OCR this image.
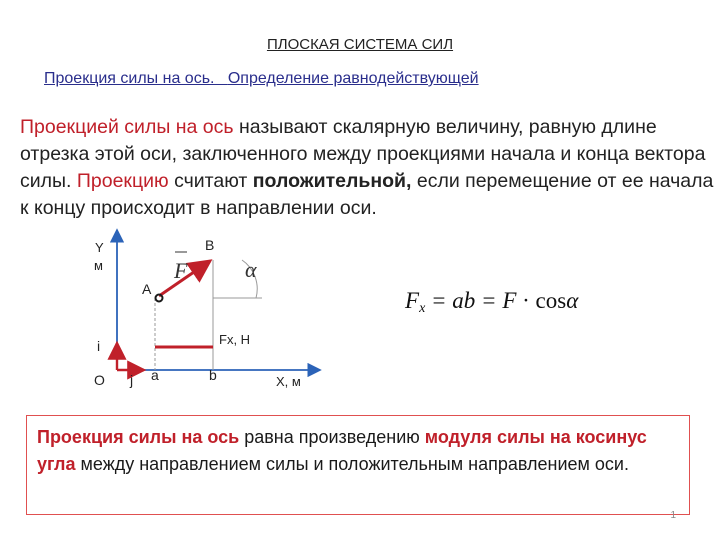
ПЛОСКАЯ СИСТЕМА СИЛ
Проекция силы на ось. Определение равнодействующей
Проекцией силы на ось называют скалярную величину, равную длине отрезка этой оси, заключенного между проекциями начала и конца вектора силы. Проекцию считают положительной, если перемещение от ее начала к концу происходит в направлении оси.
Y
м
O
i
j
A
B
a	b	X, м
F	α
Fx, H
$F_x$ = ab = F · cosα
Проекция силы на ось равна произведению модуля силы на косинус угла между направлением силы и положительным направлением оси.
1
